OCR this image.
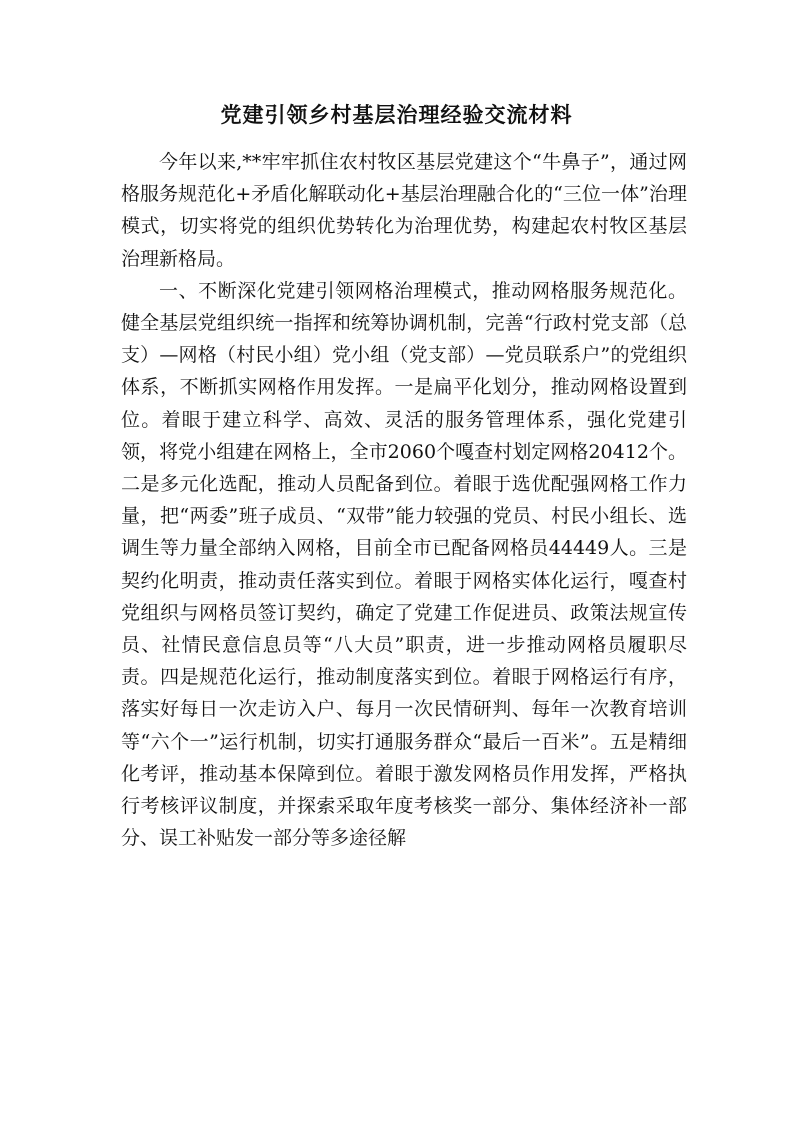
党建引领乡村基层治理经验交流材料

今年以来,**牢牢抓住农村牧区基层党建这个“牛鼻子”，通过网格服务规范化+矛盾化解联动化+基层治理融合化的“三位一体”治理模式，切实将党的组织优势转化为治理优势，构建起农村牧区基层治理新格局。

一、不断深化党建引领网格治理模式，推动网格服务规范化。健全基层党组织统一指挥和统筹协调机制，完善“行政村党支部（总支）—网格（村民小组）党小组（党支部）—党员联系户”的党组织体系，不断抓实网格作用发挥。一是扁平化划分，推动网格设置到位。着眼于建立科学、高效、灵活的服务管理体系，强化党建引领，将党小组建在网格上，全市2060个嘎查村划定网格20412个。二是多元化选配，推动人员配备到位。着眼于选优配强网格工作力量，把“两委”班子成员、“双带”能力较强的党员、村民小组长、选调生等力量全部纳入网格，目前全市已配备网格员44449人。三是契约化明责，推动责任落实到位。着眼于网格实体化运行，嘎查村党组织与网格员签订契约，确定了党建工作促进员、政策法规宣传员、社情民意信息员等“八大员”职责，进一步推动网格员履职尽责。四是规范化运行，推动制度落实到位。着眼于网格运行有序，落实好每日一次走访入户、每月一次民情研判、每年一次教育培训等“六个一”运行机制，切实打通服务群众“最后一百米”。五是精细化考评，推动基本保障到位。着眼于激发网格员作用发挥，严格执行考核评议制度，并探索采取年度考核奖一部分、集体经济补一部分、误工补贴发一部分等多途径解
